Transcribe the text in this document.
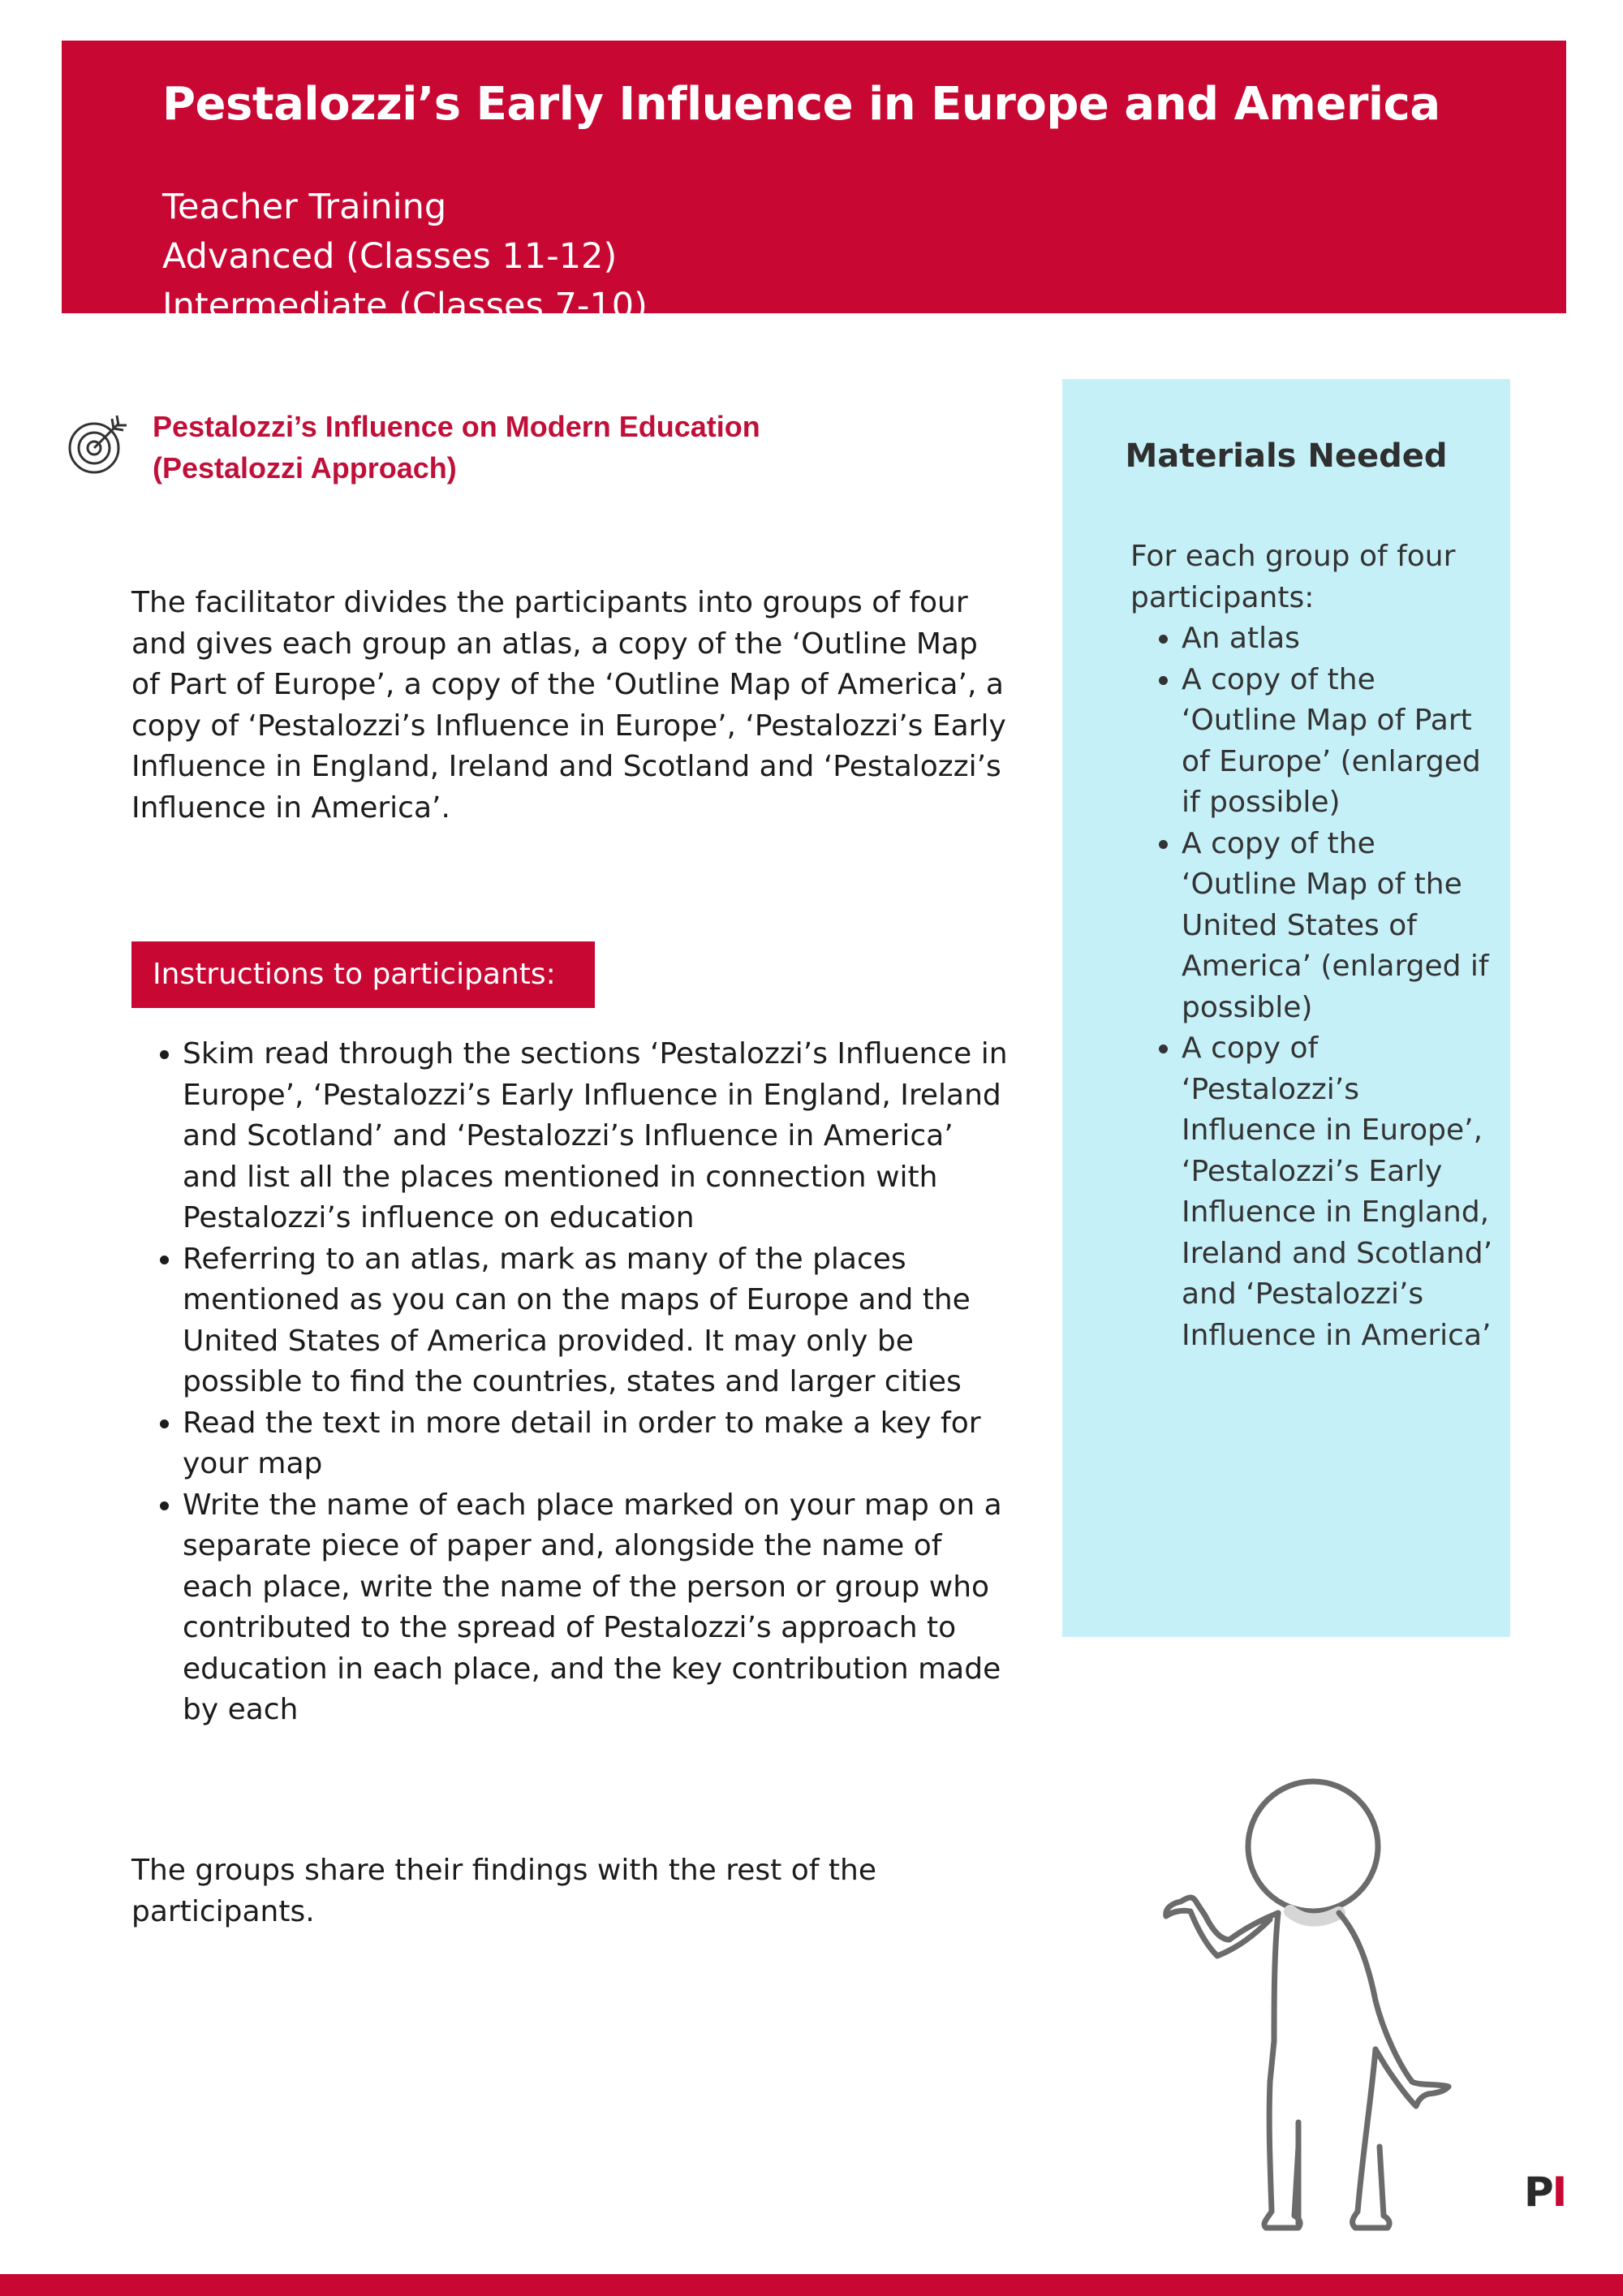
Pestalozzi’s Early Influence in Europe and America
Teacher Training
Advanced (Classes 11-12)
Intermediate (Classes 7-10)
Pestalozzi’s Influence on Modern Education
(Pestalozzi Approach)

The facilitator divides the participants into groups of four and gives each group an atlas, a copy of the ‘Outline Map of Part of Europe’, a copy of the ‘Outline Map of America’, a copy of ‘Pestalozzi’s Influence in Europe’, ‘Pestalozzi’s Early Influence in England, Ireland and Scotland and ‘Pestalozzi’s Influence in America’.

Instructions to participants:
• Skim read through the sections ‘Pestalozzi’s Influence in Europe’, ‘Pestalozzi’s Early Influence in England, Ireland and Scotland’ and ‘Pestalozzi’s Influence in America’ and list all the places mentioned in connection with Pestalozzi’s influence on education
• Referring to an atlas, mark as many of the places mentioned as you can on the maps of Europe and the United States of America provided. It may only be possible to find the countries, states and larger cities
• Read the text in more detail in order to make a key for your map
• Write the name of each place marked on your map on a separate piece of paper and, alongside the name of each place, write the name of the person or group who contributed to the spread of Pestalozzi’s approach to education in each place, and the key contribution made by each

The groups share their findings with the rest of the participants.

Materials Needed

For each group of four participants:

• An atlas
• A copy of the ‘Outline Map of Part of Europe’ (enlarged if possible)
• A copy of the ‘Outline Map of the United States of America’ (enlarged if possible)
• A copy of ‘Pestalozzi’s Influence in Europe’, ‘Pestalozzi’s Early Influence in England, Ireland and Scotland’ and ‘Pestalozzi’s Influence in America’
PI
